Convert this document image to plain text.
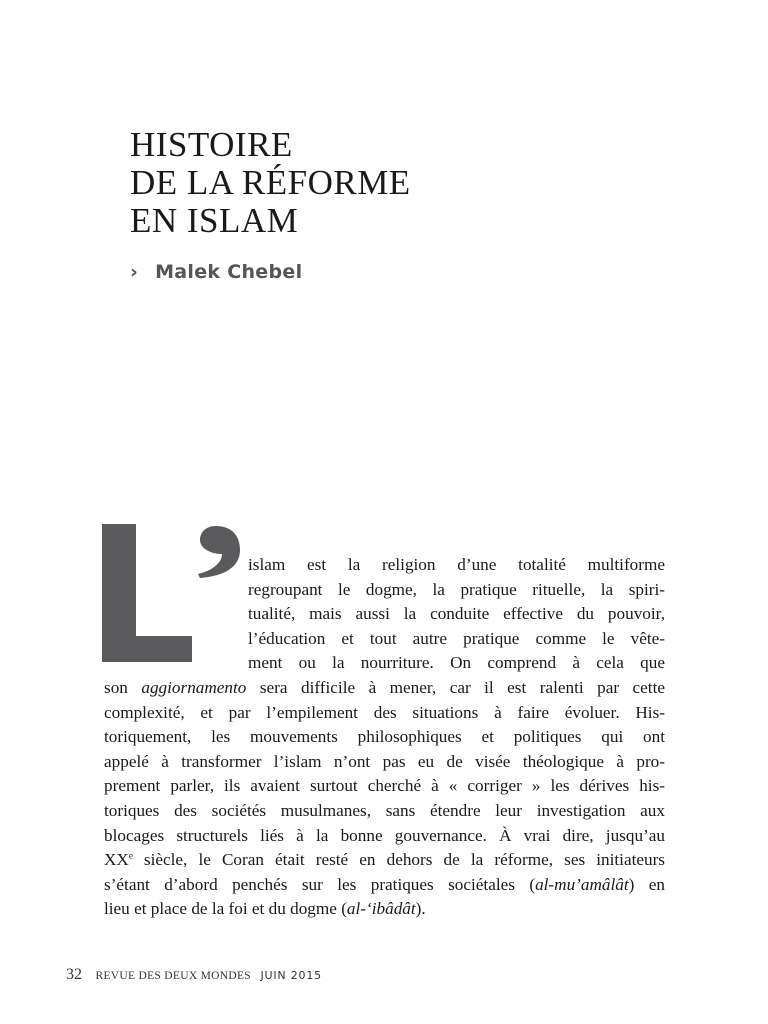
HISTOIRE
DE LA RÉFORME
EN ISLAM
› Malek Chebel
islam est la religion d’une totalité multiforme
regroupant le dogme, la pratique rituelle, la spiri-
tualité, mais aussi la conduite effective du pouvoir,
l’éducation et tout autre pratique comme le vête-
ment ou la nourriture. On comprend à cela que
son aggiornamento sera difficile à mener, car il est ralenti par cette
complexité, et par l’empilement des situations à faire évoluer. His-
toriquement, les mouvements philosophiques et politiques qui ont
appelé à transformer l’islam n’ont pas eu de visée théologique à pro-
prement parler, ils avaient surtout cherché à « corriger » les dérives his-
toriques des sociétés musulmanes, sans étendre leur investigation aux
blocages structurels liés à la bonne gouvernance. À vrai dire, jusqu’au
XXe siècle, le Coran était resté en dehors de la réforme, ses initiateurs
s’étant d’abord penchés sur les pratiques sociétales (al-mu’amâlât) en
lieu et place de la foi et du dogme (al-‘ibâdât).
32 REVUE DES DEUX MONDES JUIN 2015
